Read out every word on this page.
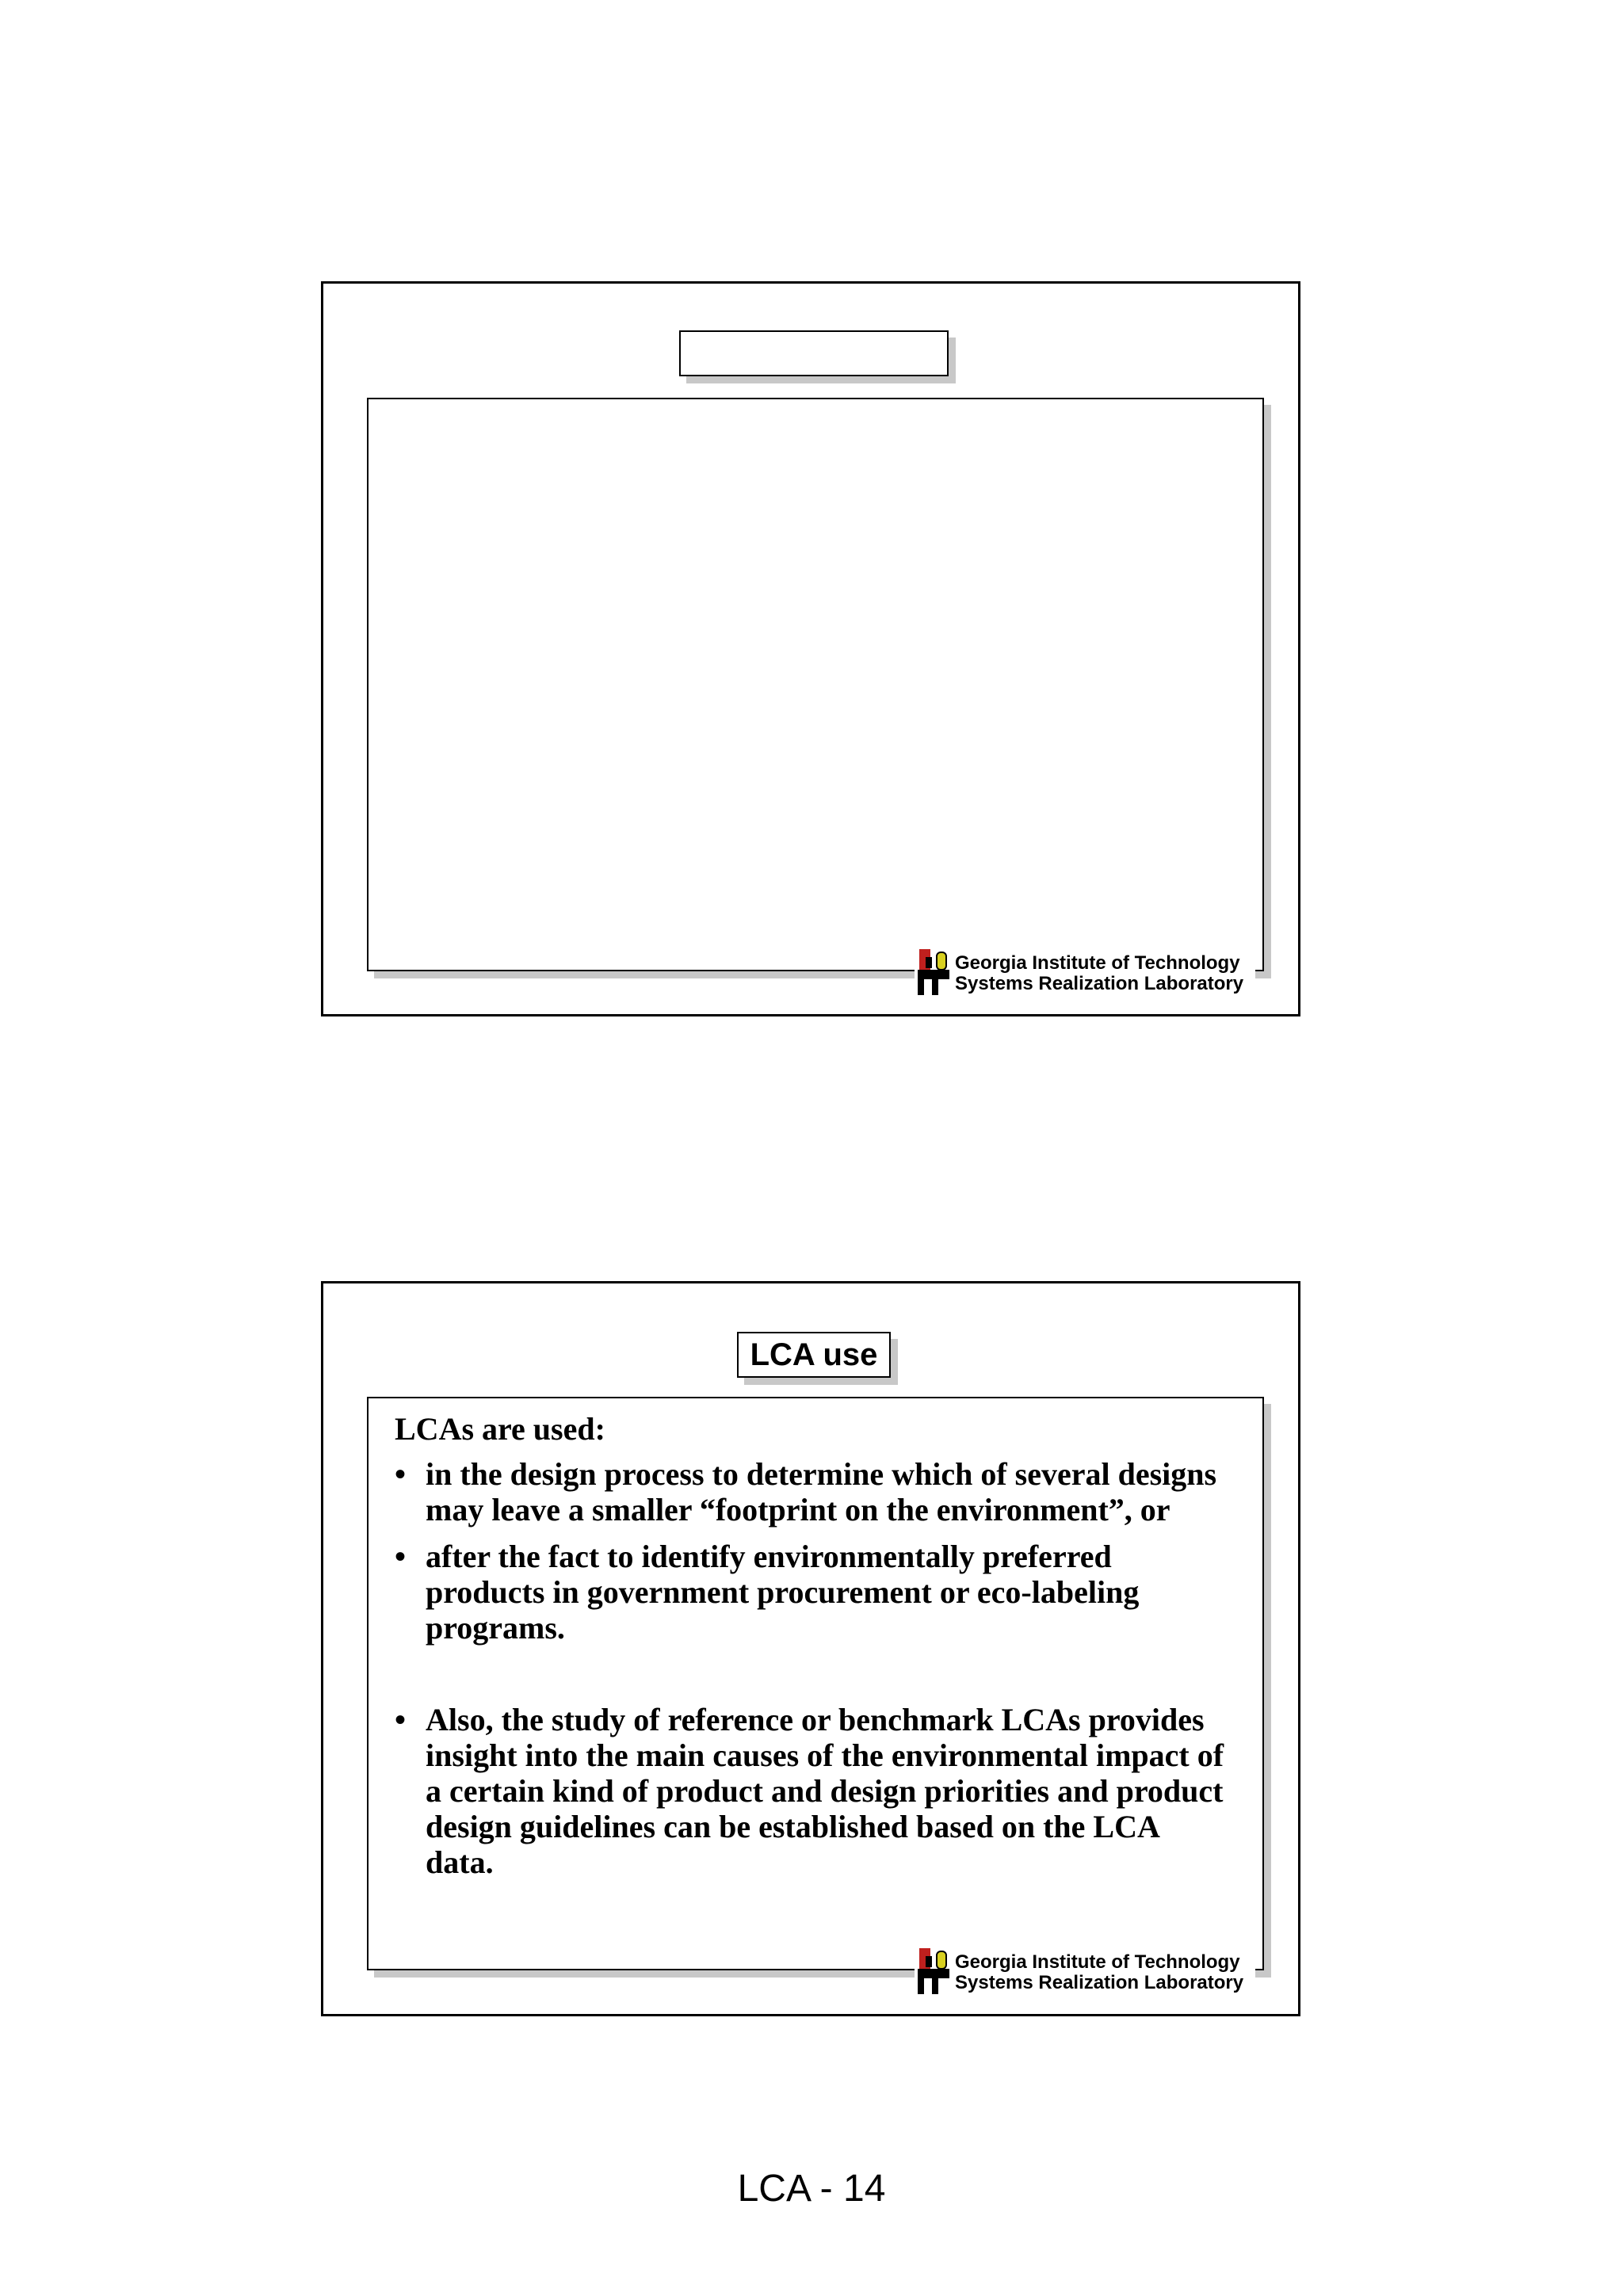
Georgia Institute of Technology
Systems Realization Laboratory
LCA use

LCAs are used:

• in the design process to determine which of several designs may leave a smaller “footprint on the environment”, or
• after the fact to identify environmentally preferred products in government procurement or eco-labeling programs.
• Also, the study of reference or benchmark LCAs provides insight into the main causes of the environmental impact of a certain kind of product and design priorities and product design guidelines can be established based on the LCA data.
Georgia Institute of Technology
Systems Realization Laboratory
LCA - 14
